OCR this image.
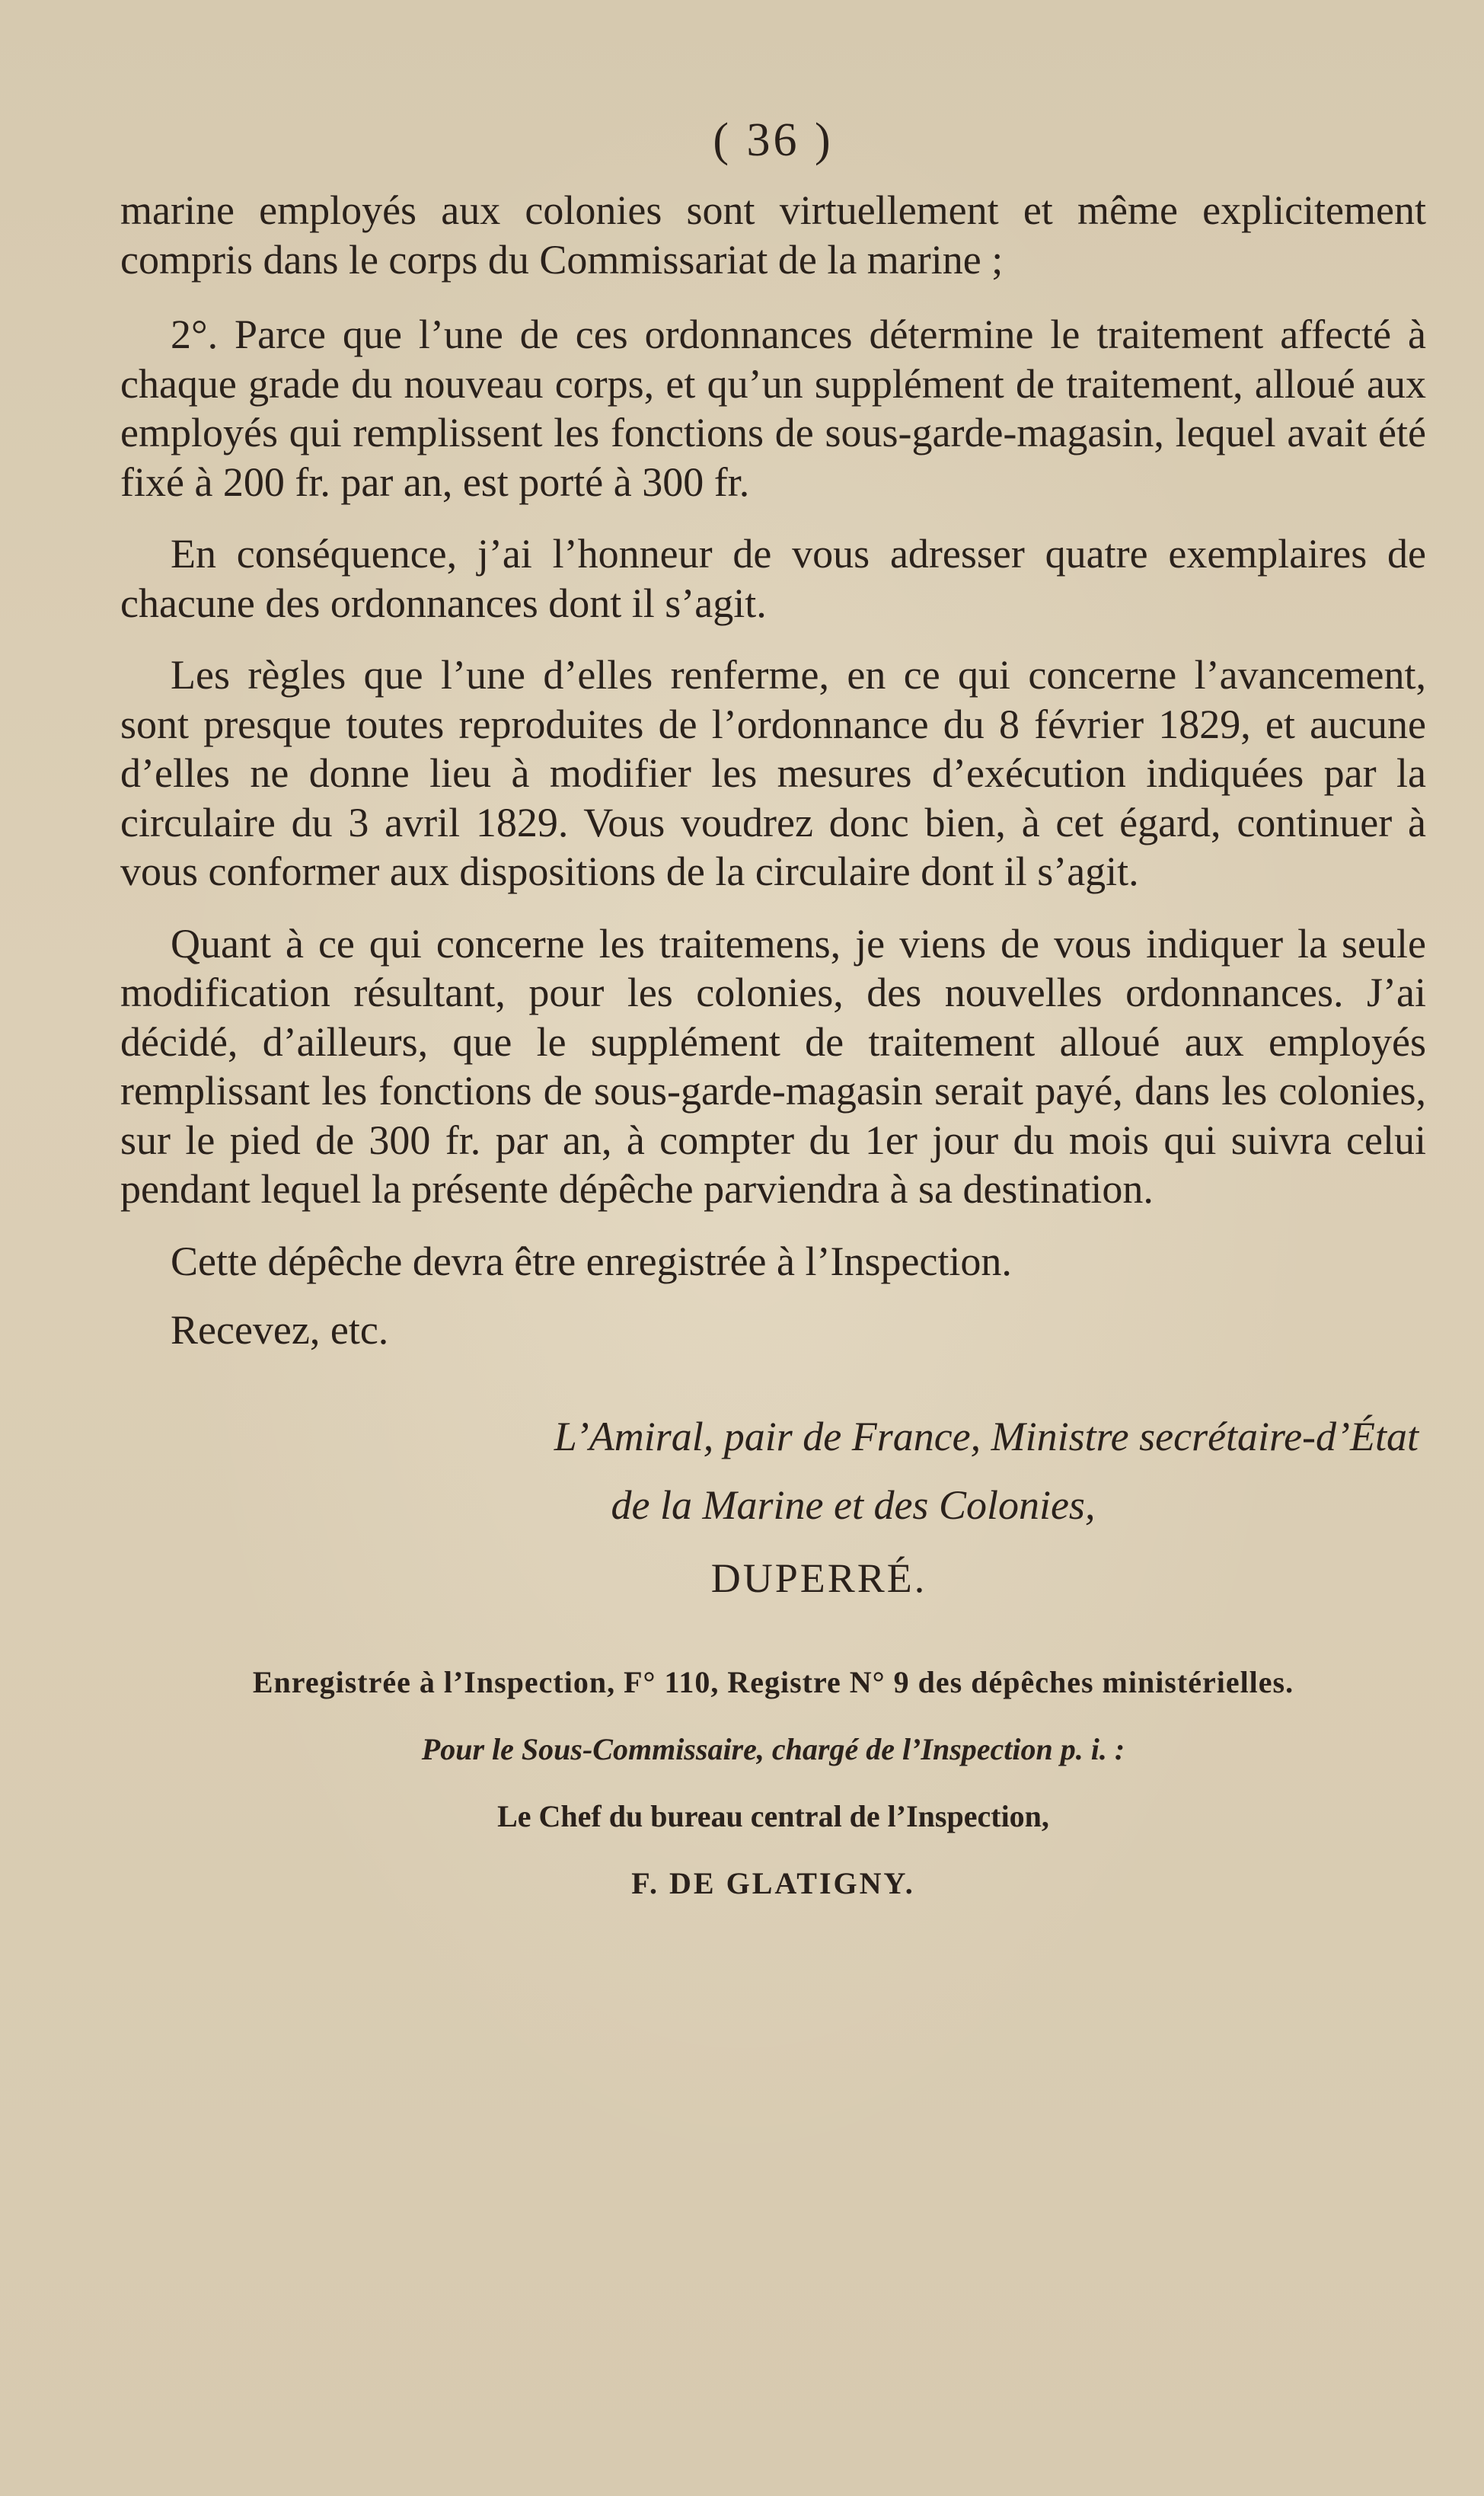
( 36 )

marine employés aux colonies sont virtuellement et même explicitement compris dans le corps du Commissariat de la marine ;

2°. Parce que l’une de ces ordonnances détermine le traitement affecté à chaque grade du nouveau corps, et qu’un supplément de traitement, alloué aux employés qui remplissent les fonctions de sous-garde-magasin, lequel avait été fixé à 200 fr. par an, est porté à 300 fr.

En conséquence, j’ai l’honneur de vous adresser quatre exemplaires de chacune des ordonnances dont il s’agit.

Les règles que l’une d’elles renferme, en ce qui concerne l’avancement, sont presque toutes reproduites de l’ordonnance du 8 février 1829, et aucune d’elles ne donne lieu à modifier les mesures d’exécution indiquées par la circulaire du 3 avril 1829. Vous voudrez donc bien, à cet égard, continuer à vous conformer aux dispositions de la circulaire dont il s’agit.

Quant à ce qui concerne les traitemens, je viens de vous indiquer la seule modification résultant, pour les colonies, des nouvelles ordonnances. J’ai décidé, d’ailleurs, que le supplément de traitement alloué aux employés remplissant les fonctions de sous-garde-magasin serait payé, dans les colonies, sur le pied de 300 fr. par an, à compter du 1er jour du mois qui suivra celui pendant lequel la présente dépêche parviendra à sa destination.

Cette dépêche devra être enregistrée à l’Inspection.

Recevez, etc.

L’Amiral, pair de France, Ministre secrétaire-d’État
de la Marine et des Colonies,
DUPERRÉ.
Enregistrée à l’Inspection, F° 110, Registre N° 9 des dépêches ministérielles.
Pour le Sous-Commissaire, chargé de l’Inspection p. i. :
Le Chef du bureau central de l’Inspection,
F. DE GLATIGNY.
